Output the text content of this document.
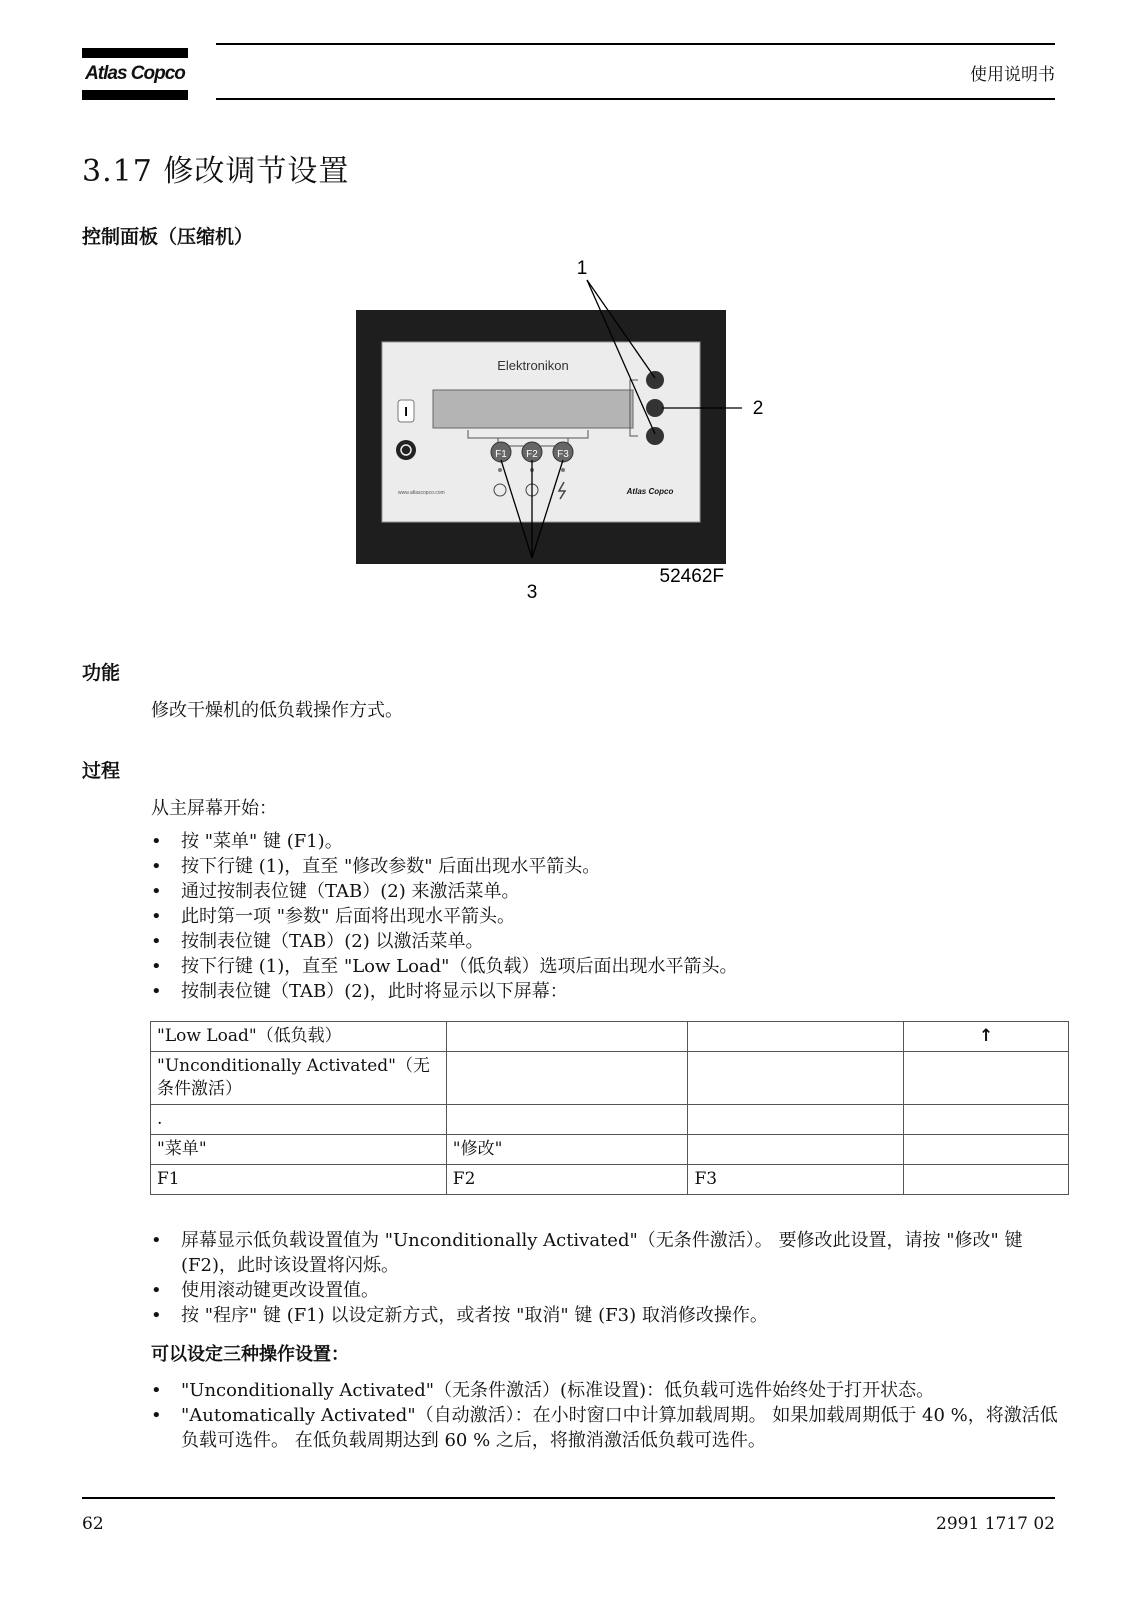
Atlas Copco	使用说明书
3.17 修改调节设置
控制面板（压缩机）
Elektronikon
I
F1 F2 F3
www.atlascopco.com	Atlas Copco
1
2
3
52462F
功能
修改干燥机的低负载操作方式。
过程
从主屏幕开始：
• 按 "菜单" 键 (F1)。
• 按下行键 (1)，直至 "修改参数" 后面出现水平箭头。
• 通过按制表位键（TAB）(2) 来激活菜单。
• 此时第一项 "参数" 后面将出现水平箭头。
• 按制表位键（TAB）(2) 以激活菜单。
• 按下行键 (1)，直至 "Low Load"（低负载）选项后面出现水平箭头。
• 按制表位键（TAB）(2)，此时将显示以下屏幕：
"Low Load"（低负载）			↑
"Unconditionally Activated"（无条件激活）			
.			
"菜单"	"修改"		
F1	F2	F3	
• 屏幕显示低负载设置值为 "Unconditionally Activated"（无条件激活）。 要修改此设置，请按 "修改" 键 (F2)，此时该设置将闪烁。
• 使用滚动键更改设置值。
• 按 "程序" 键 (F1) 以设定新方式，或者按 "取消" 键 (F3) 取消修改操作。
可以设定三种操作设置：
• "Unconditionally Activated"（无条件激活）(标准设置)：低负载可选件始终处于打开状态。
• "Automatically Activated"（自动激活）：在小时窗口中计算加载周期。 如果加载周期低于 40 %，将激活低负载可选件。 在低负载周期达到 60 % 之后，将撤消激活低负载可选件。
62	2991 1717 02
